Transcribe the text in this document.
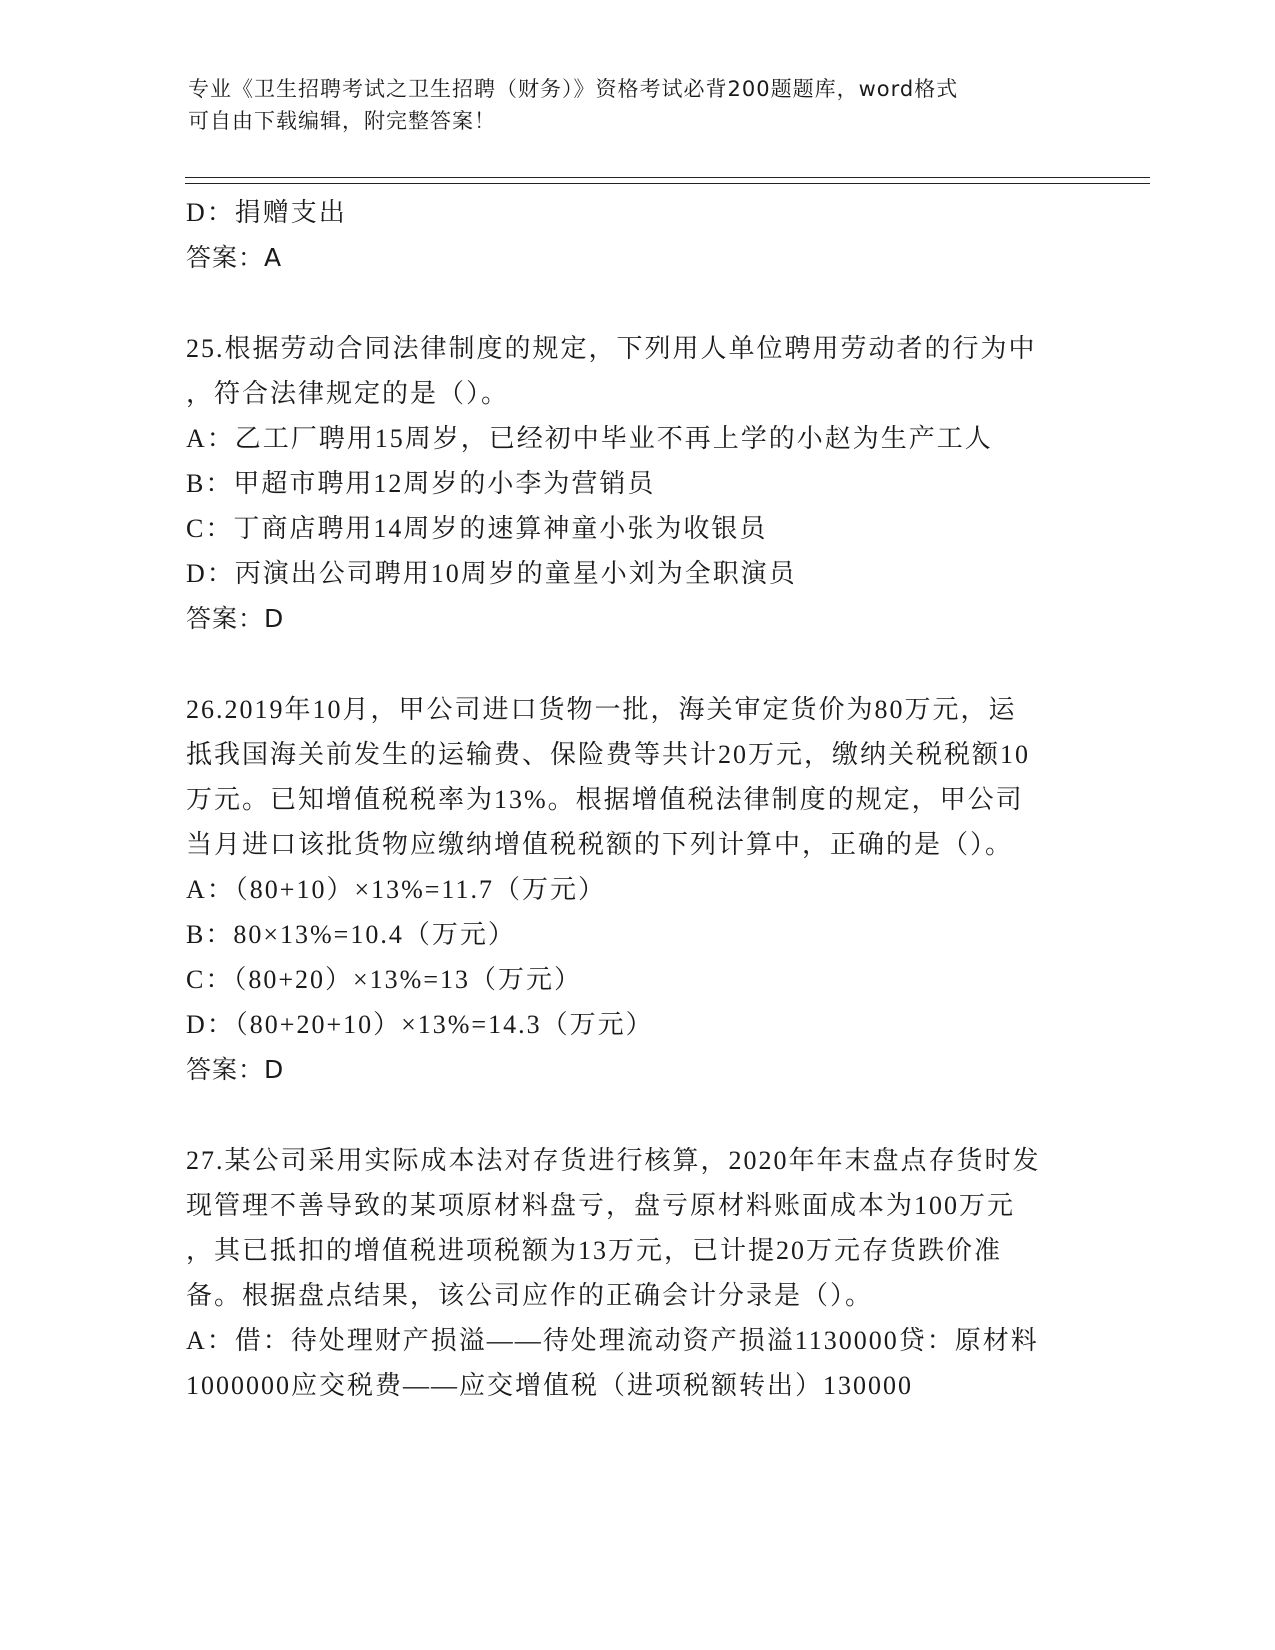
专业《卫生招聘考试之卫生招聘（财务）》资格考试必背200题题库，word格式
可自由下载编辑，附完整答案！
D：捐赠支出
答案：A
25.根据劳动合同法律制度的规定，下列用人单位聘用劳动者的行为中
，符合法律规定的是（）。
A：乙工厂聘用15周岁，已经初中毕业不再上学的小赵为生产工人
B：甲超市聘用12周岁的小李为营销员
C：丁商店聘用14周岁的速算神童小张为收银员
D：丙演出公司聘用10周岁的童星小刘为全职演员
答案：D
26.2019年10月，甲公司进口货物一批，海关审定货价为80万元，运
抵我国海关前发生的运输费、保险费等共计20万元，缴纳关税税额10
万元。已知增值税税率为13%。根据增值税法律制度的规定，甲公司
当月进口该批货物应缴纳增值税税额的下列计算中，正确的是（）。
A：（80+10）×13%=11.7（万元）
B：80×13%=10.4（万元）
C：（80+20）×13%=13（万元）
D：（80+20+10）×13%=14.3（万元）
答案：D
27.某公司采用实际成本法对存货进行核算，2020年年末盘点存货时发
现管理不善导致的某项原材料盘亏，盘亏原材料账面成本为100万元
，其已抵扣的增值税进项税额为13万元，已计提20万元存货跌价准
备。根据盘点结果，该公司应作的正确会计分录是（）。
A：借：待处理财产损溢——待处理流动资产损溢1130000贷：原材料
1000000应交税费——应交增值税（进项税额转出）130000
